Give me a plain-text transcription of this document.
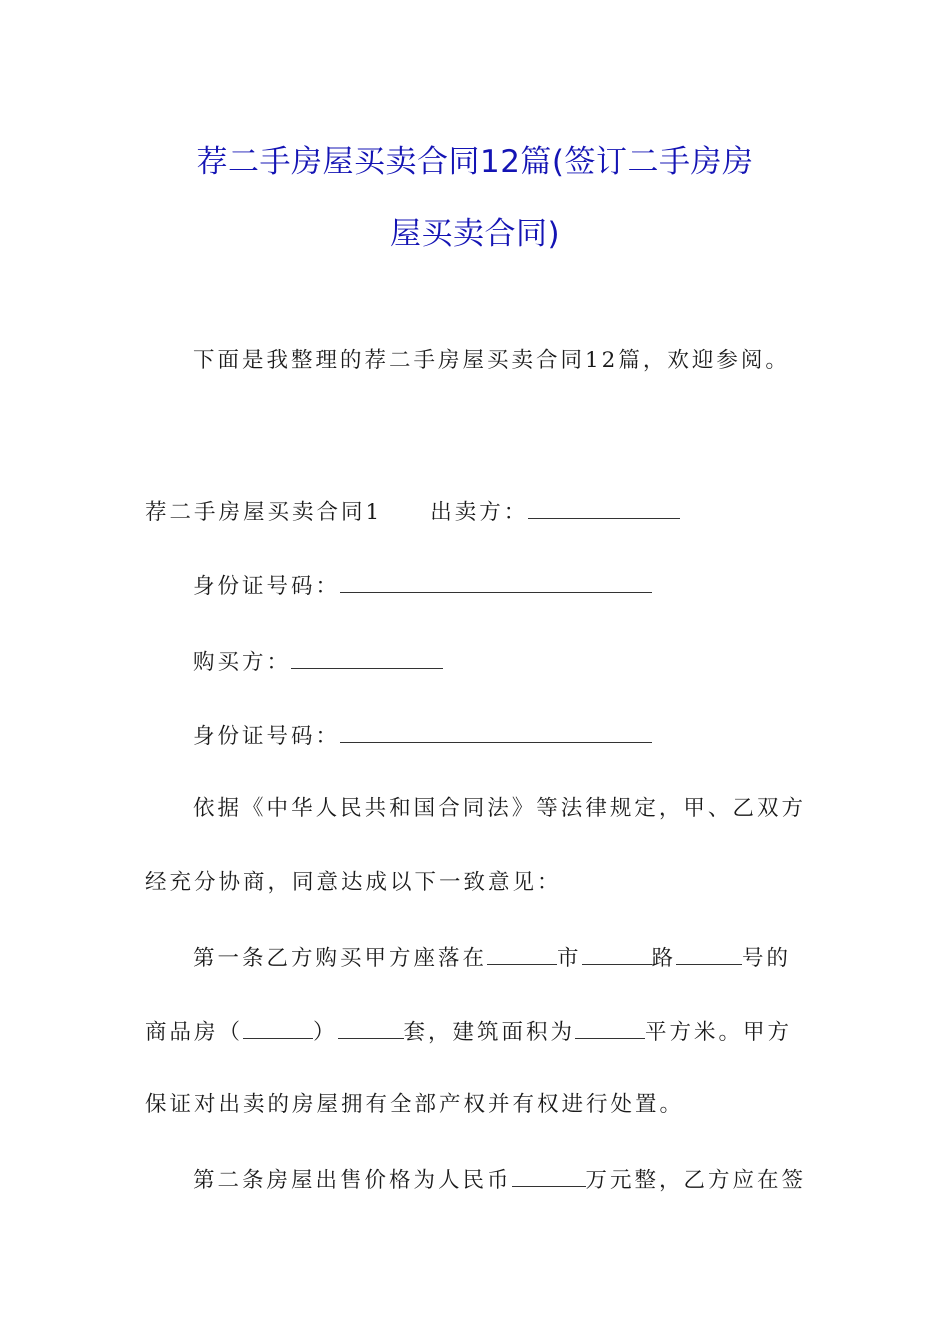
荐二手房屋买卖合同12篇(签订二手房房
屋买卖合同)
下面是我整理的荐二手房屋买卖合同12篇，欢迎参阅。
荐二手房屋买卖合同1 出卖方：
身份证号码：
购买方：
身份证号码：
依据《中华人民共和国合同法》等法律规定，甲、乙双方
经充分协商，同意达成以下一致意见：
第一条乙方购买甲方座落在	市	路	号的
商品房（	）	套，建筑面积为	平方米。甲方
保证对出卖的房屋拥有全部产权并有权进行处置。
第二条房屋出售价格为人民币	万元整，乙方应在签
